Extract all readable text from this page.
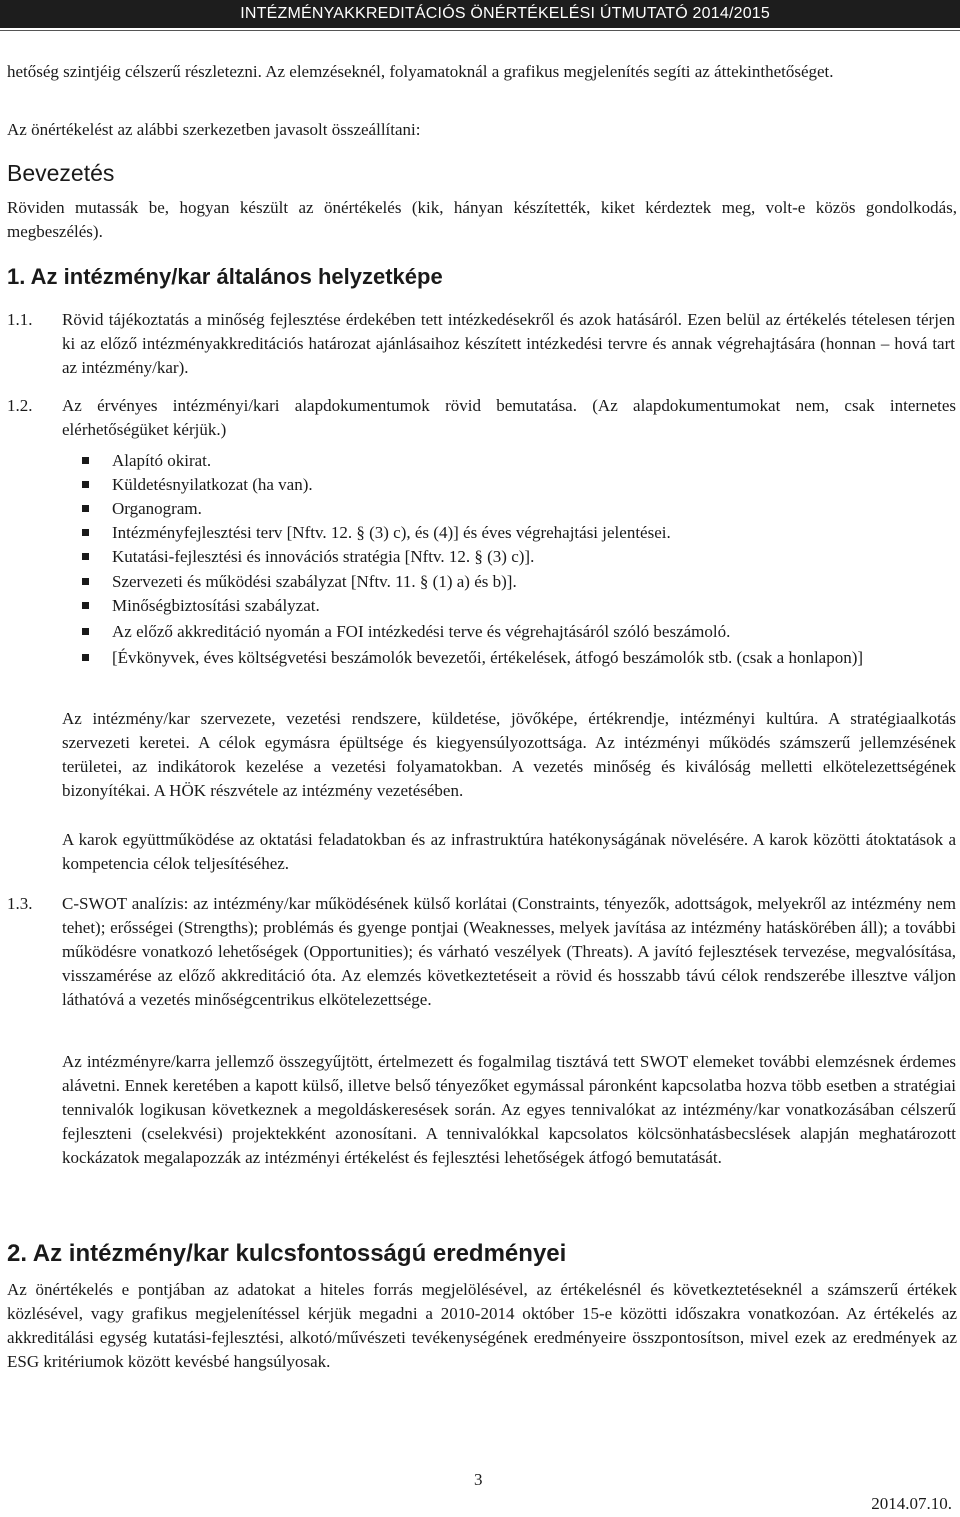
INTÉZMÉNYAKKREDITÁCIÓS ÖNÉRTÉKELÉSI ÚTMUTATÓ 2014/2015
hetőség szintjéig célszerű részletezni. Az elemzéseknél, folyamatoknál a grafikus megjelenítés segíti az áttekinthetőséget.
Az önértékelést az alábbi szerkezetben javasolt összeállítani:
Bevezetés
Röviden mutassák be, hogyan készült az önértékelés (kik, hányan készítették, kiket kérdeztek meg, volt-e közös gondolkodás, megbeszélés).
1. Az intézmény/kar általános helyzetképe
1.1. Rövid tájékoztatás a minőség fejlesztése érdekében tett intézkedésekről és azok hatásáról. Ezen belül az értékelés tételesen térjen ki az előző intézményakkreditációs határozat ajánlásaihoz készített intézkedési tervre és annak végrehajtására (honnan – hová tart az intézmény/kar).
1.2. Az érvényes intézményi/kari alapdokumentumok rövid bemutatása. (Az alapdokumentumokat nem, csak internetes elérhetőségüket kérjük.)
Alapító okirat.
Küldetésnyilatkozat (ha van).
Organogram.
Intézményfejlesztési terv [Nftv. 12. § (3) c), és (4)] és éves végrehajtási jelentései.
Kutatási-fejlesztési és innovációs stratégia [Nftv. 12. § (3) c)].
Szervezeti és működési szabályzat [Nftv. 11. § (1) a) és b)].
Minőségbiztosítási szabályzat.
Az előző akkreditáció nyomán a FOI intézkedési terve és végrehajtásáról szóló beszámoló.
[Évkönyvek, éves költségvetési beszámolók bevezetői, értékelések, átfogó beszámolók stb. (csak a honlapon)]
Az intézmény/kar szervezete, vezetési rendszere, küldetése, jövőképe, értékrendje, intézményi kultúra. A stratégiaalkotás szervezeti keretei. A célok egymásra épültsége és kiegyensúlyozottsága. Az intézményi működés számszerű jellemzésének területei, az indikátorok kezelése a vezetési folyamatokban. A vezetés minőség és kiválóság melletti elkötelezettségének bizonyítékai. A HÖK részvétele az intézmény vezetésében.
A karok együttműködése az oktatási feladatokban és az infrastruktúra hatékonyságának növelésére. A karok közötti átoktatások a kompetencia célok teljesítéséhez.
1.3. C-SWOT analízis: az intézmény/kar működésének külső korlátai (Constraints, tényezők, adottságok, melyekről az intézmény nem tehet); erősségei (Strengths); problémás és gyenge pontjai (Weaknesses, melyek javítása az intézmény hatáskörében áll); a további működésre vonatkozó lehetőségek (Opportunities); és várható veszélyek (Threats). A javító fejlesztések tervezése, megvalósítása, visszamérése az előző akkreditáció óta. Az elemzés következtetéseit a rövid és hosszabb távú célok rendszerébe illesztve váljon láthatóvá a vezetés minőségcentrikus elkötelezettsége.
Az intézményre/karra jellemző összegyűjtött, értelmezett és fogalmilag tisztává tett SWOT elemeket további elemzésnek érdemes alávetni. Ennek keretében a kapott külső, illetve belső tényezőket egymással páronként kapcsolatba hozva több esetben a stratégiai tennivalók logikusan következnek a megoldáskeresések során. Az egyes tennivalókat az intézmény/kar vonatkozásában célszerű fejleszteni (cselekvési) projektekként azonosítani. A tennivalókkal kapcsolatos kölcsönhatásbecslések alapján meghatározott kockázatok megalapozzák az intézményi értékelést és fejlesztési lehetőségek átfogó bemutatását.
2. Az intézmény/kar kulcsfontosságú eredményei
Az önértékelés e pontjában az adatokat a hiteles forrás megjelölésével, az értékelésnél és következtetéseknél a számszerű értékek közlésével, vagy grafikus megjelenítéssel kérjük megadni a 2010-2014 október 15-e közötti időszakra vonatkozóan. Az értékelés az akkreditálási egység kutatási-fejlesztési, alkotó/művészeti tevékenységének eredményeire összpontosítson, mivel ezek az eredmények az ESG kritériumok között kevésbé hangsúlyosak.
3
2014.07.10.
